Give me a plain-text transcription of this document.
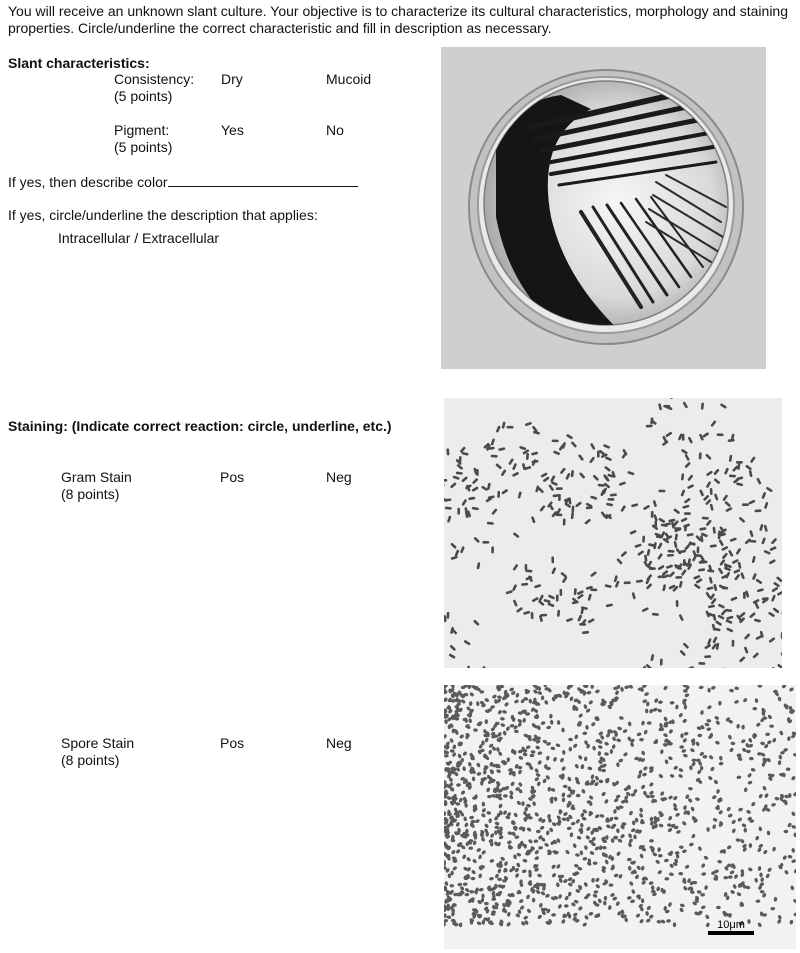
You will receive an unknown slant culture. Your objective is to characterize its cultural characteristics, morphology and staining properties. Circle/underline the correct characteristic and fill in description as necessary.
Slant characteristics:
Consistency:
(5 points)
Dry	Mucoid
Pigment:
(5 points)
Yes	No
If yes, then describe color
If yes, circle/underline the description that applies:
Intracellular / Extracellular
Staining: (Indicate correct reaction: circle, underline, etc.)
Gram Stain
(8 points)
Pos	Neg
Spore Stain
(8 points)
Pos	Neg
10μm
